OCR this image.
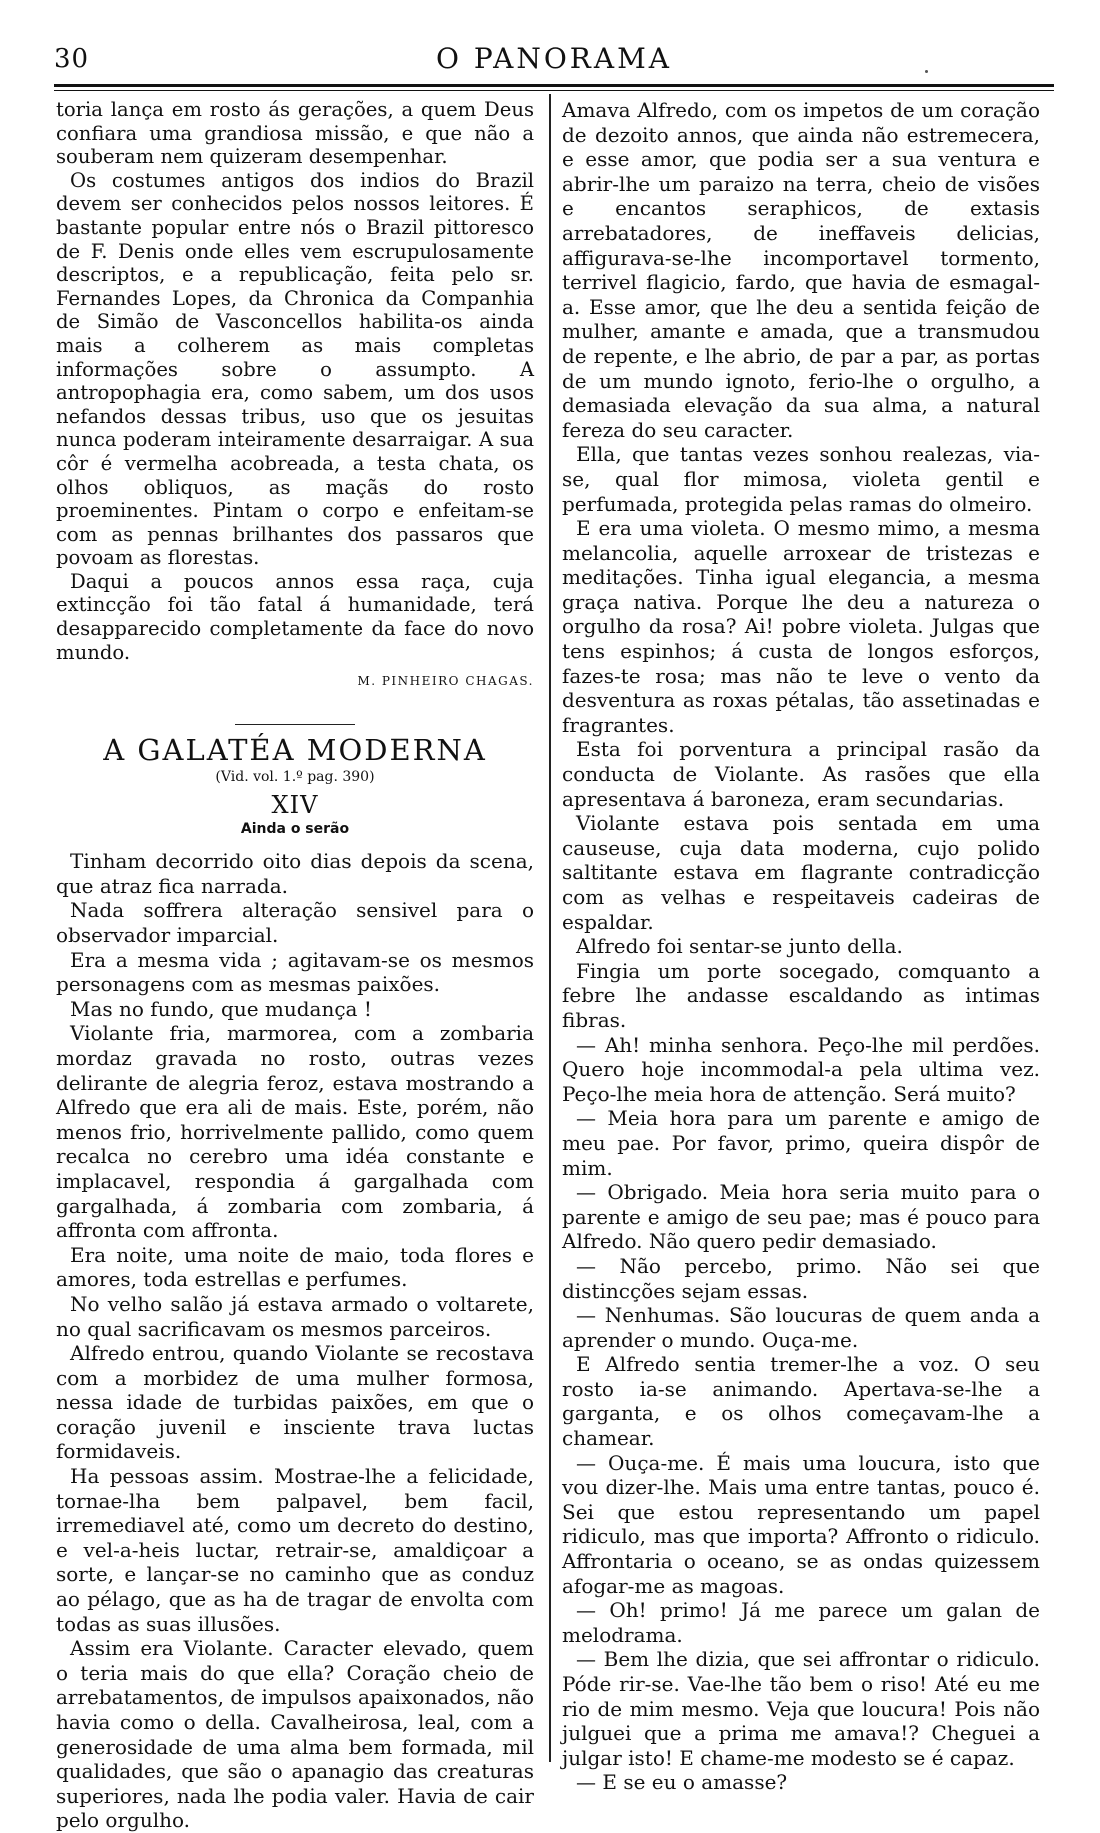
30	O PANORAMA

toria lança em rosto ás gerações, a quem Deus confiara uma grandiosa missão, e que não a souberam nem quizeram desempenhar.

Os costumes antigos dos indios do Brazil devem ser conhecidos pelos nossos leitores. É bastante popular entre nós o Brazil pittoresco de F. Denis onde elles vem escrupulosamente descriptos, e a republicação, feita pelo sr. Fernandes Lopes, da Chronica da Companhia de Simão de Vasconcellos habilita-os ainda mais a colherem as mais completas informações sobre o assumpto. A antropophagia era, como sabem, um dos usos nefandos dessas tribus, uso que os jesuitas nunca poderam inteiramente desarraigar. A sua côr é vermelha acobreada, a testa chata, os olhos obliquos, as maçãs do rosto proeminentes. Pintam o corpo e enfeitam-se com as pennas brilhantes dos passaros que povoam as florestas.

Daqui a poucos annos essa raça, cuja extincção foi tão fatal á humanidade, terá desapparecido completamente da face do novo mundo.

M. PINHEIRO CHAGAS.
A GALATÉA MODERNA
(Vid. vol. 1.º pag. 390)
XIV
Ainda o serão

Tinham decorrido oito dias depois da scena, que atraz fica narrada.

Nada soffrera alteração sensivel para o observador imparcial.

Era a mesma vida ; agitavam-se os mesmos personagens com as mesmas paixões.

Mas no fundo, que mudança !

Violante fria, marmorea, com a zombaria mordaz gravada no rosto, outras vezes delirante de alegria feroz, estava mostrando a Alfredo que era ali de mais. Este, porém, não menos frio, horrivelmente pallido, como quem recalca no cerebro uma idéa constante e implacavel, respondia á gargalhada com gargalhada, á zombaria com zombaria, á affronta com affronta.

Era noite, uma noite de maio, toda flores e amores, toda estrellas e perfumes.

No velho salão já estava armado o voltarete, no qual sacrificavam os mesmos parceiros.

Alfredo entrou, quando Violante se recostava com a morbidez de uma mulher formosa, nessa idade de turbidas paixões, em que o coração juvenil e insciente trava luctas formidaveis.

Ha pessoas assim. Mostrae-lhe a felicidade, tornae-lha bem palpavel, bem facil, irremediavel até, como um decreto do destino, e vel-a-heis luctar, retrair-se, amaldiçoar a sorte, e lançar-se no caminho que as conduz ao pélago, que as ha de tragar de envolta com todas as suas illusões.

Assim era Violante. Caracter elevado, quem o teria mais do que ella? Coração cheio de arrebatamentos, de impulsos apaixonados, não havia como o della. Cavalheirosa, leal, com a generosidade de uma alma bem formada, mil qualidades, que são o apanagio das creaturas superiores, nada lhe podia valer. Havia de cair pelo orgulho.

Amava Alfredo, com os impetos de um coração de dezoito annos, que ainda não estremecera, e esse amor, que podia ser a sua ventura e abrir-lhe um paraizo na terra, cheio de visões e encantos seraphicos, de extasis arrebatadores, de ineffaveis delicias, affigurava-se-lhe incomportavel tormento, terrivel flagicio, fardo, que havia de esmagal-a. Esse amor, que lhe deu a sentida feição de mulher, amante e amada, que a transmudou de repente, e lhe abrio, de par a par, as portas de um mundo ignoto, ferio-lhe o orgulho, a demasiada elevação da sua alma, a natural fereza do seu caracter.

Ella, que tantas vezes sonhou realezas, via-se, qual flor mimosa, violeta gentil e perfumada, protegida pelas ramas do olmeiro.

E era uma violeta. O mesmo mimo, a mesma melancolia, aquelle arroxear de tristezas e meditações. Tinha igual elegancia, a mesma graça nativa. Porque lhe deu a natureza o orgulho da rosa? Ai! pobre violeta. Julgas que tens espinhos; á custa de longos esforços, fazes-te rosa; mas não te leve o vento da desventura as roxas pétalas, tão assetinadas e fragrantes.

Esta foi porventura a principal rasão da conducta de Violante. As rasões que ella apresentava á baroneza, eram secundarias.

Violante estava pois sentada em uma causeuse, cuja data moderna, cujo polido saltitante estava em flagrante contradicção com as velhas e respeitaveis cadeiras de espaldar.

Alfredo foi sentar-se junto della.

Fingia um porte socegado, comquanto a febre lhe andasse escaldando as intimas fibras.

— Ah! minha senhora. Peço-lhe mil perdões. Quero hoje incommodal-a pela ultima vez. Peço-lhe meia hora de attenção. Será muito?

— Meia hora para um parente e amigo de meu pae. Por favor, primo, queira dispôr de mim.

— Obrigado. Meia hora seria muito para o parente e amigo de seu pae; mas é pouco para Alfredo. Não quero pedir demasiado.

— Não percebo, primo. Não sei que distincções sejam essas.

— Nenhumas. São loucuras de quem anda a aprender o mundo. Ouça-me.

E Alfredo sentia tremer-lhe a voz. O seu rosto ia-se animando. Apertava-se-lhe a garganta, e os olhos começavam-lhe a chamear.

— Ouça-me. É mais uma loucura, isto que vou dizer-lhe. Mais uma entre tantas, pouco é. Sei que estou representando um papel ridiculo, mas que importa? Affronto o ridiculo. Affrontaria o oceano, se as ondas quizessem afogar-me as magoas.

— Oh! primo! Já me parece um galan de melodrama.

— Bem lhe dizia, que sei affrontar o ridiculo. Póde rir-se. Vae-lhe tão bem o riso! Até eu me rio de mim mesmo. Veja que loucura! Pois não julguei que a prima me amava!? Cheguei a julgar isto! E chame-me modesto se é capaz.

— E se eu o amasse?
